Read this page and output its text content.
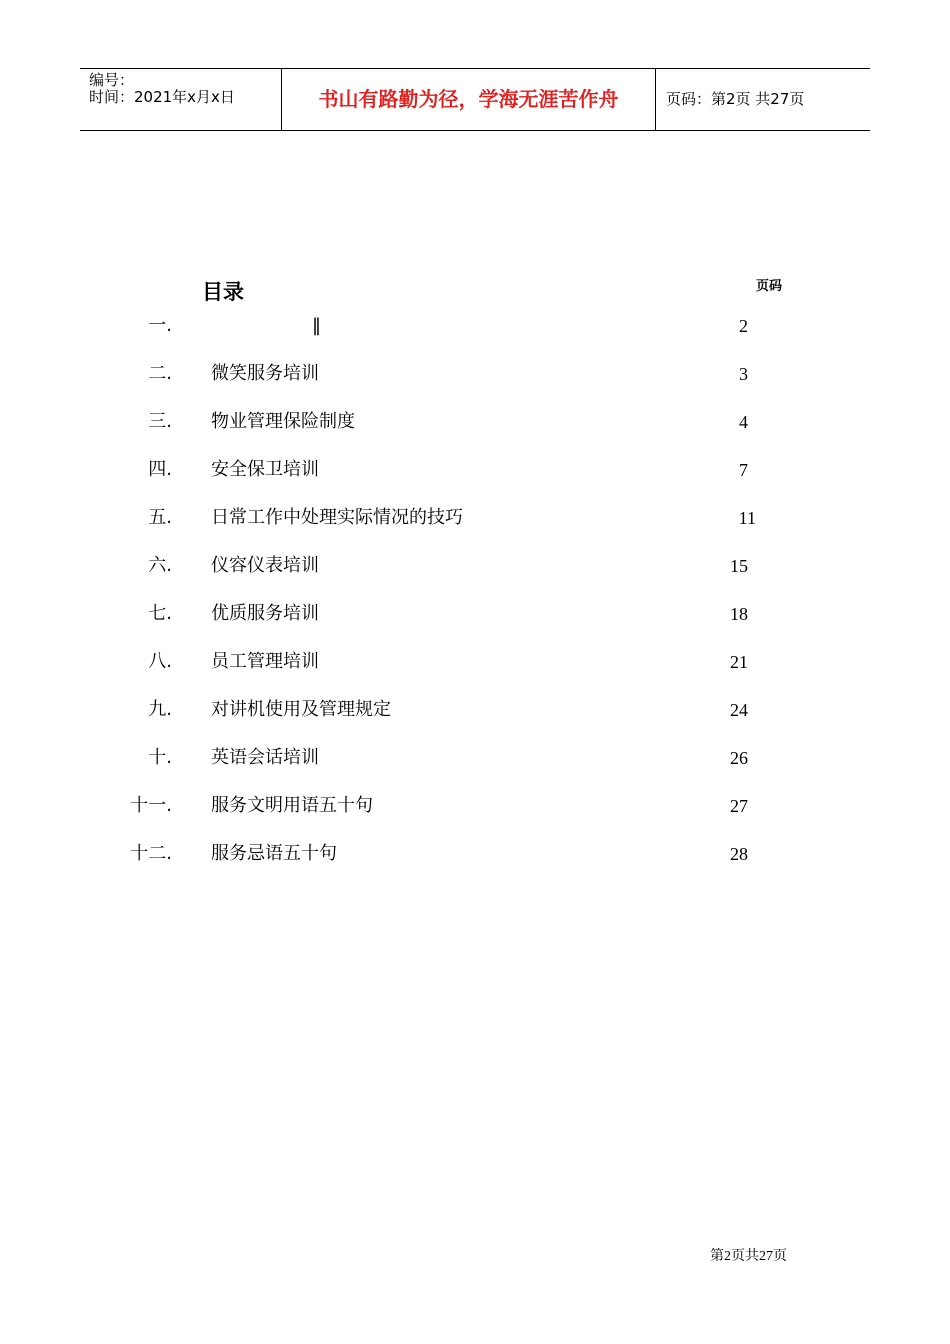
编号：
时间：2021年x月x日	书山有路勤为径，学海无涯苦作舟	页码：第2页 共27页
目录	页码
一.	‖	2
二. 微笑服务培训	3
三. 物业管理保险制度	4
四. 安全保卫培训	7
五. 日常工作中处理实际情况的技巧	11
六. 仪容仪表培训	15
七. 优质服务培训	18
八. 员工管理培训	21
九. 对讲机使用及管理规定	24
十. 英语会话培训	26
十一. 服务文明用语五十句	27
十二. 服务忌语五十句	28
第2页共27页
